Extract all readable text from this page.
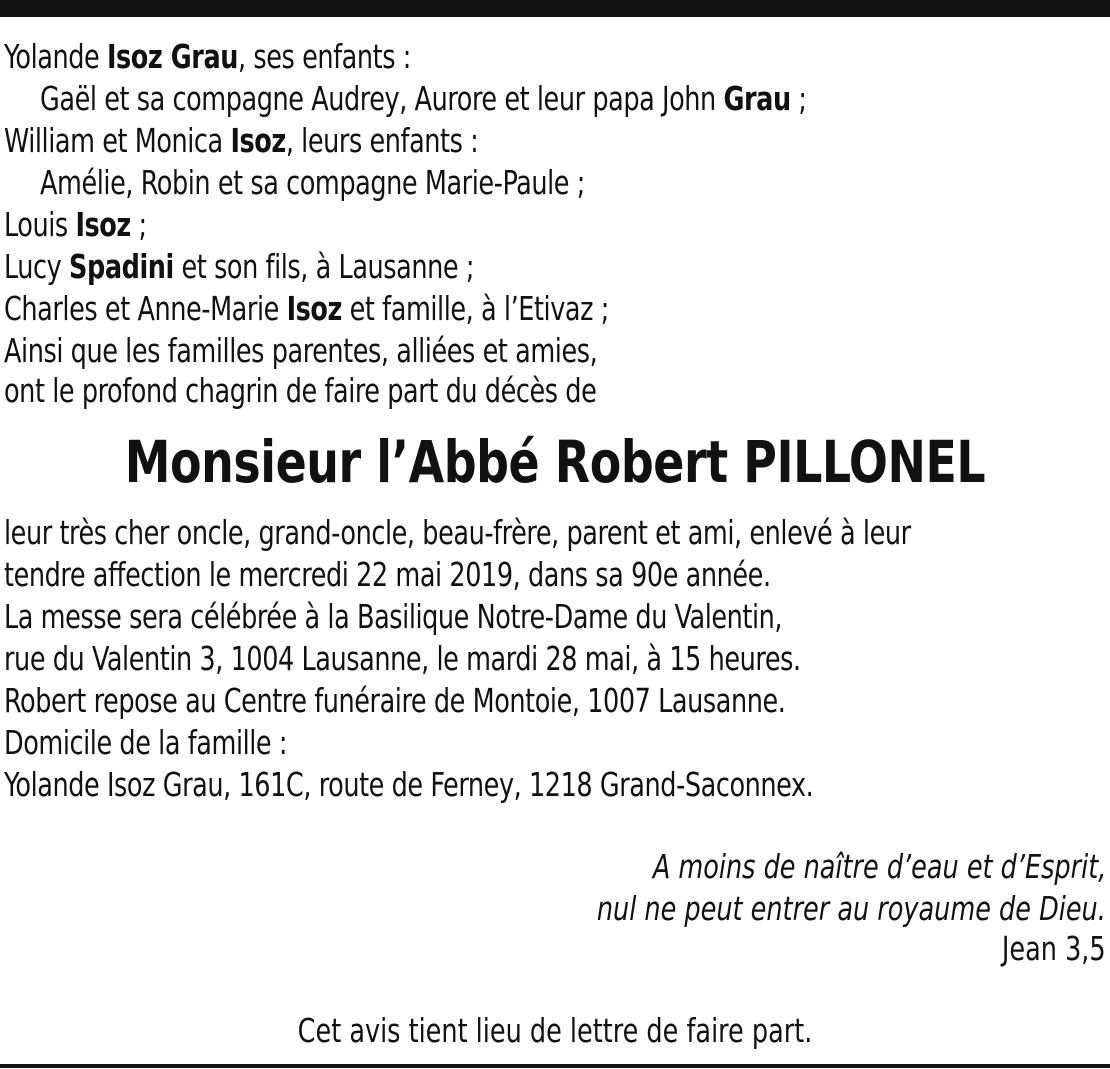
Yolande Isoz Grau, ses enfants :
Gaël et sa compagne Audrey, Aurore et leur papa John Grau ;
William et Monica Isoz, leurs enfants :
Amélie, Robin et sa compagne Marie-Paule ;
Louis Isoz ;
Lucy Spadini et son fils, à Lausanne ;
Charles et Anne-Marie Isoz et famille, à l’Etivaz ;
Ainsi que les familles parentes, alliées et amies,
ont le profond chagrin de faire part du décès de
Monsieur l’Abbé Robert PILLONEL
leur très cher oncle, grand-oncle, beau-frère, parent et ami, enlevé à leur
tendre affection le mercredi 22 mai 2019, dans sa 90e année.
La messe sera célébrée à la Basilique Notre-Dame du Valentin,
rue du Valentin 3, 1004 Lausanne, le mardi 28 mai, à 15 heures.
Robert repose au Centre funéraire de Montoie, 1007 Lausanne.
Domicile de la famille :
Yolande Isoz Grau, 161C, route de Ferney, 1218 Grand-Saconnex.
A moins de naître d’eau et d’Esprit,
nul ne peut entrer au royaume de Dieu.
Jean 3,5
Cet avis tient lieu de lettre de faire part.
